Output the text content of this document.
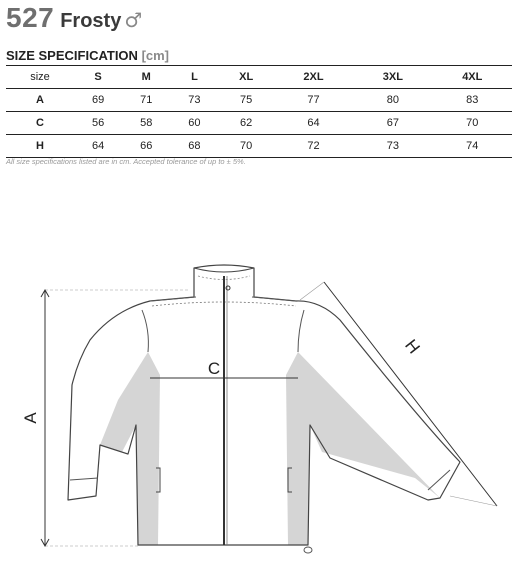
527 Frosty ♂
SIZE SPECIFICATION [cm]
size	S	M	L	XL	2XL	3XL	4XL
A	69	71	73	75	77	80	83
C	56	58	60	62	64	67	70
H	64	66	68	70	72	73	74
All size specifications listed are in cm. Accepted tolerance of up to ± 5%.
C
A
H
